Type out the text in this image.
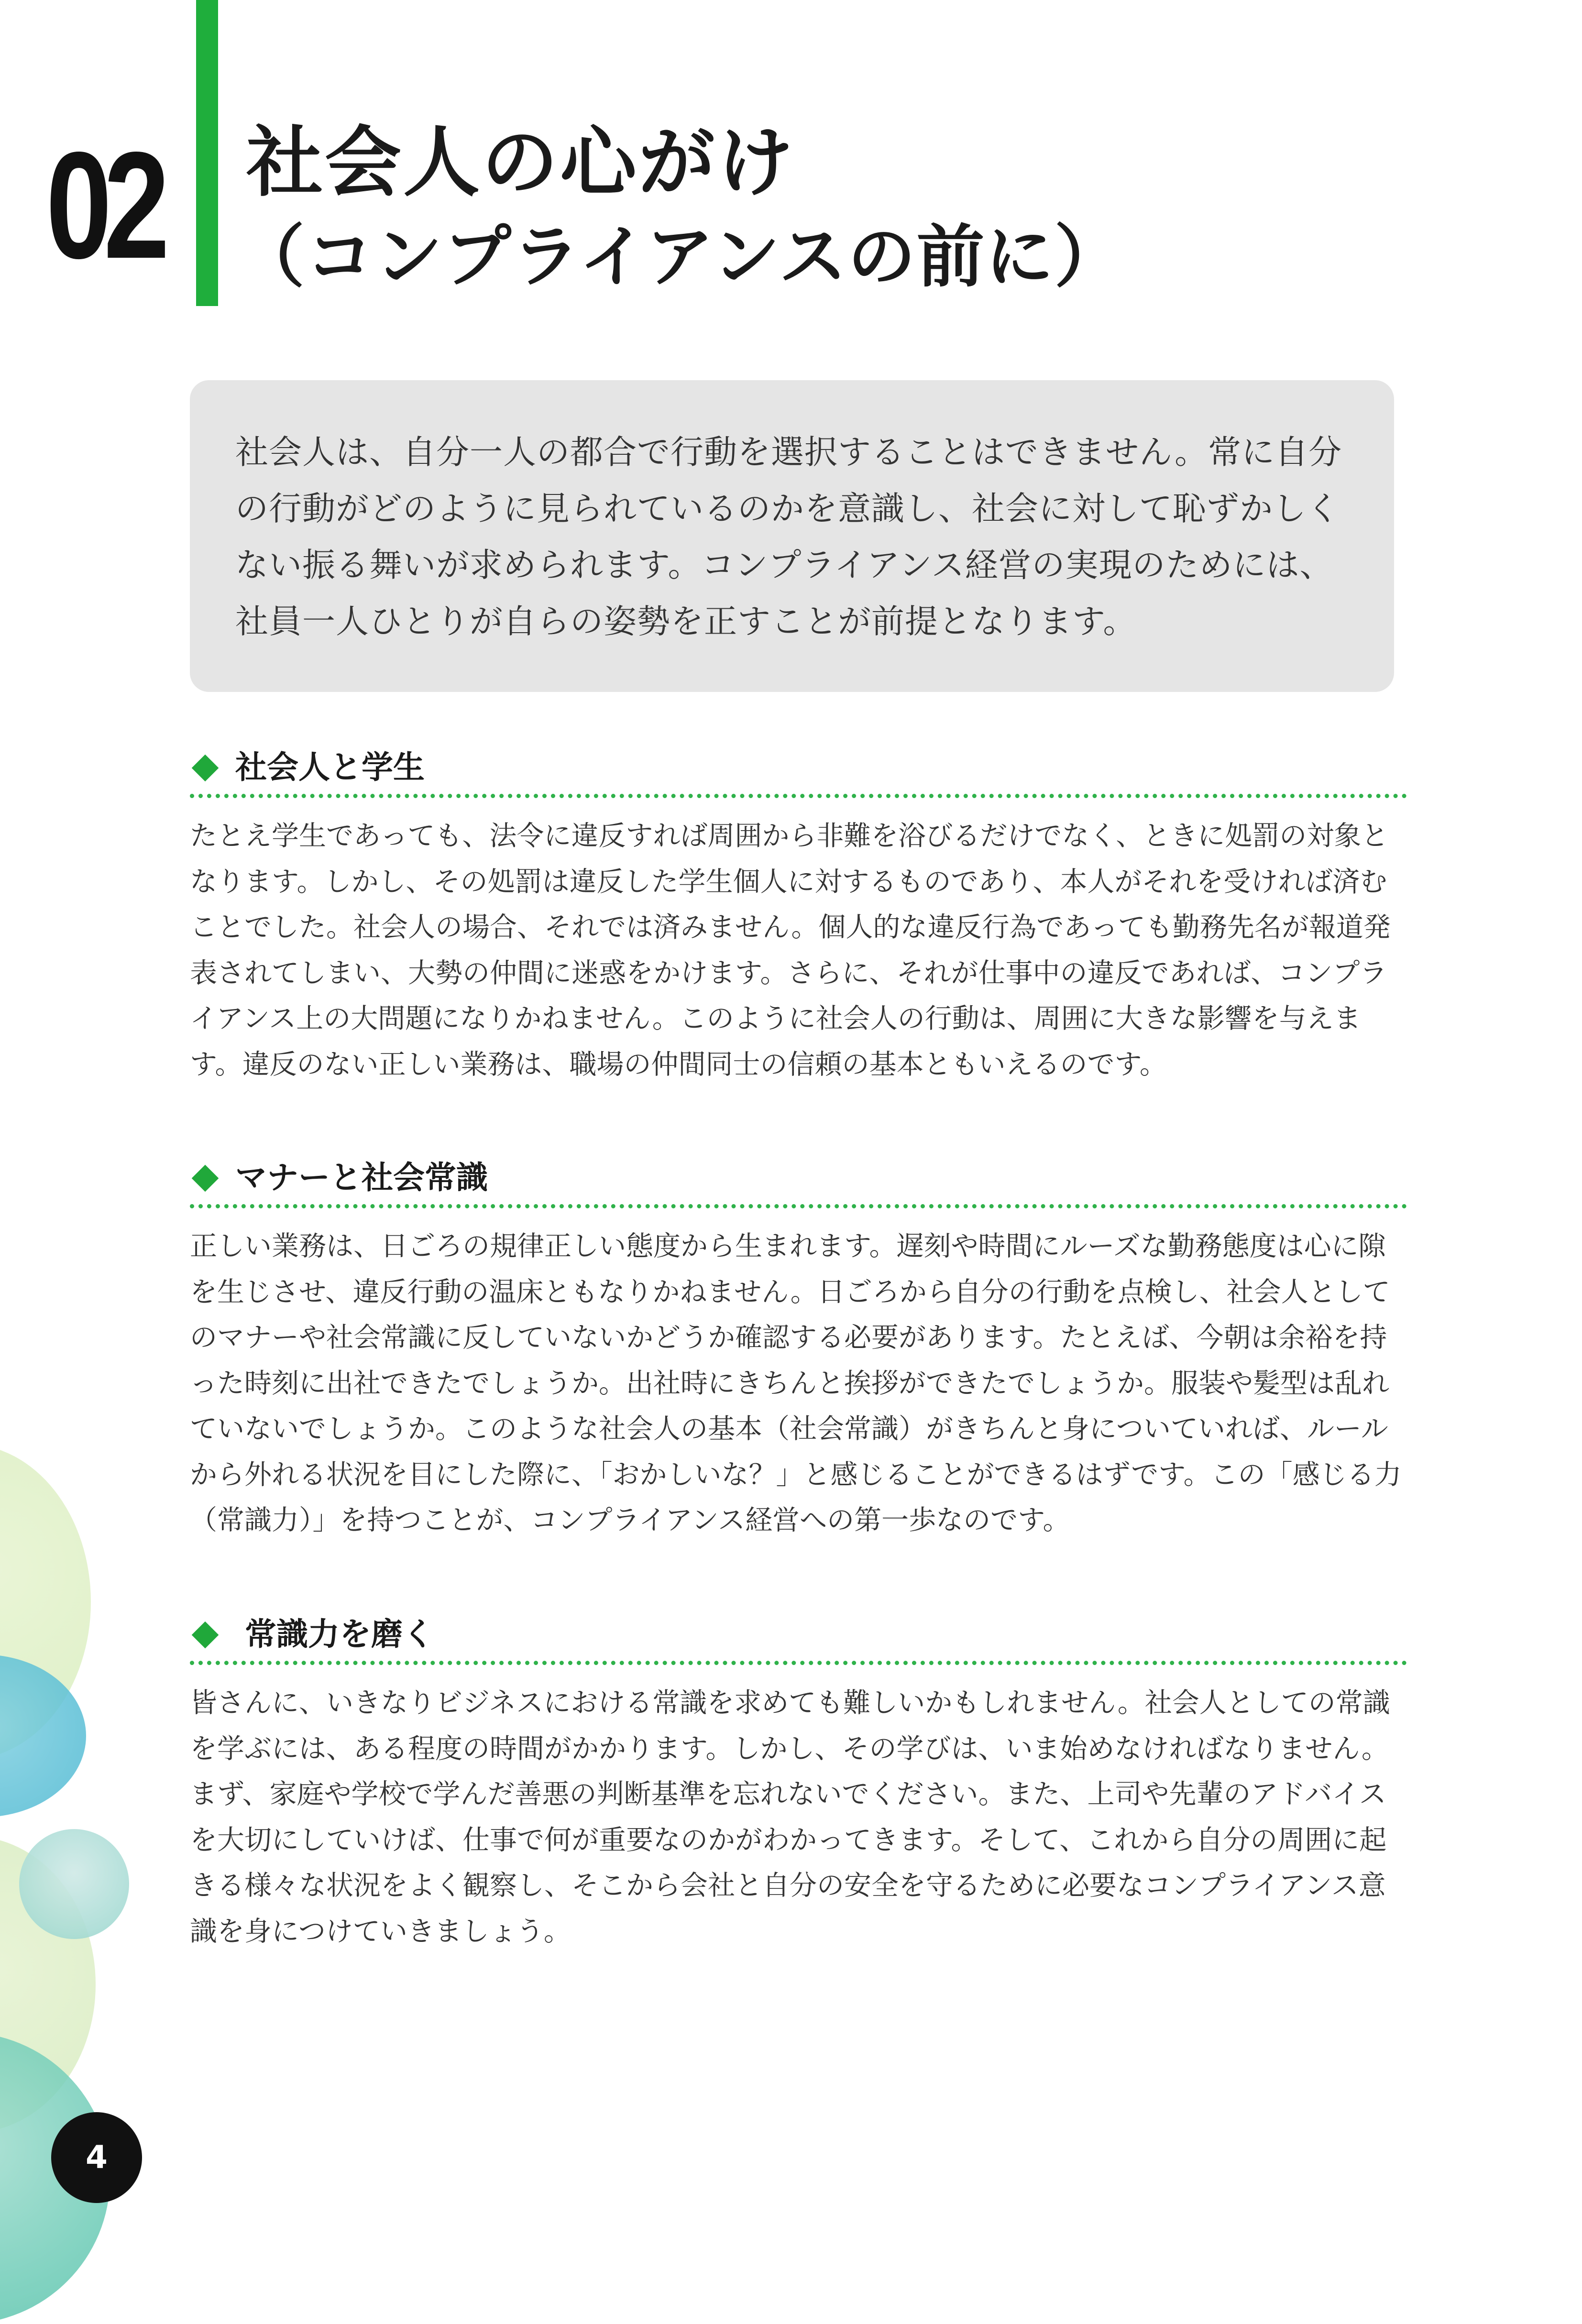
02 社会人の心がけ
（コンプライアンスの前に）

社会人は、自分一人の都合で行動を選択することはできません。常に自分の行動がどのように見られているのかを意識し、社会に対して恥ずかしくない振る舞いが求められます。コンプライアンス経営の実現のためには、社員一人ひとりが自らの姿勢を正すことが前提となります。

社会人と学生

たとえ学生であっても、法令に違反すれば周囲から非難を浴びるだけでなく、ときに処罰の対象となります。しかし、その処罰は違反した学生個人に対するものであり、本人がそれを受ければ済むことでした。社会人の場合、それでは済みません。個人的な違反行為であっても勤務先名が報道発表されてしまい、大勢の仲間に迷惑をかけます。さらに、それが仕事中の違反であれば、コンプライアンス上の大問題になりかねません。このように社会人の行動は、周囲に大きな影響を与えます。違反のない正しい業務は、職場の仲間同士の信頼の基本ともいえるのです。

マナーと社会常識

正しい業務は、日ごろの規律正しい態度から生まれます。遅刻や時間にルーズな勤務態度は心に隙を生じさせ、違反行動の温床ともなりかねません。日ごろから自分の行動を点検し、社会人としてのマナーや社会常識に反していないかどうか確認する必要があります。たとえば、今朝は余裕を持った時刻に出社できたでしょうか。出社時にきちんと挨拶ができたでしょうか。服装や髪型は乱れていないでしょうか。このような社会人の基本（社会常識）がきちんと身についていれば、ルールから外れる状況を目にした際に、「おかしいな？」と感じることができるはずです。この「感じる力（常識力）」を持つことが、コンプライアンス経営への第一歩なのです。

常識力を磨く

皆さんに、いきなりビジネスにおける常識を求めても難しいかもしれません。社会人としての常識を学ぶには、ある程度の時間がかかります。しかし、その学びは、いま始めなければなりません。まず、家庭や学校で学んだ善悪の判断基準を忘れないでください。また、上司や先輩のアドバイスを大切にしていけば、仕事で何が重要なのかがわかってきます。そして、これから自分の周囲に起きる様々な状況をよく観察し、そこから会社と自分の安全を守るために必要なコンプライアンス意識を身につけていきましょう。

4
